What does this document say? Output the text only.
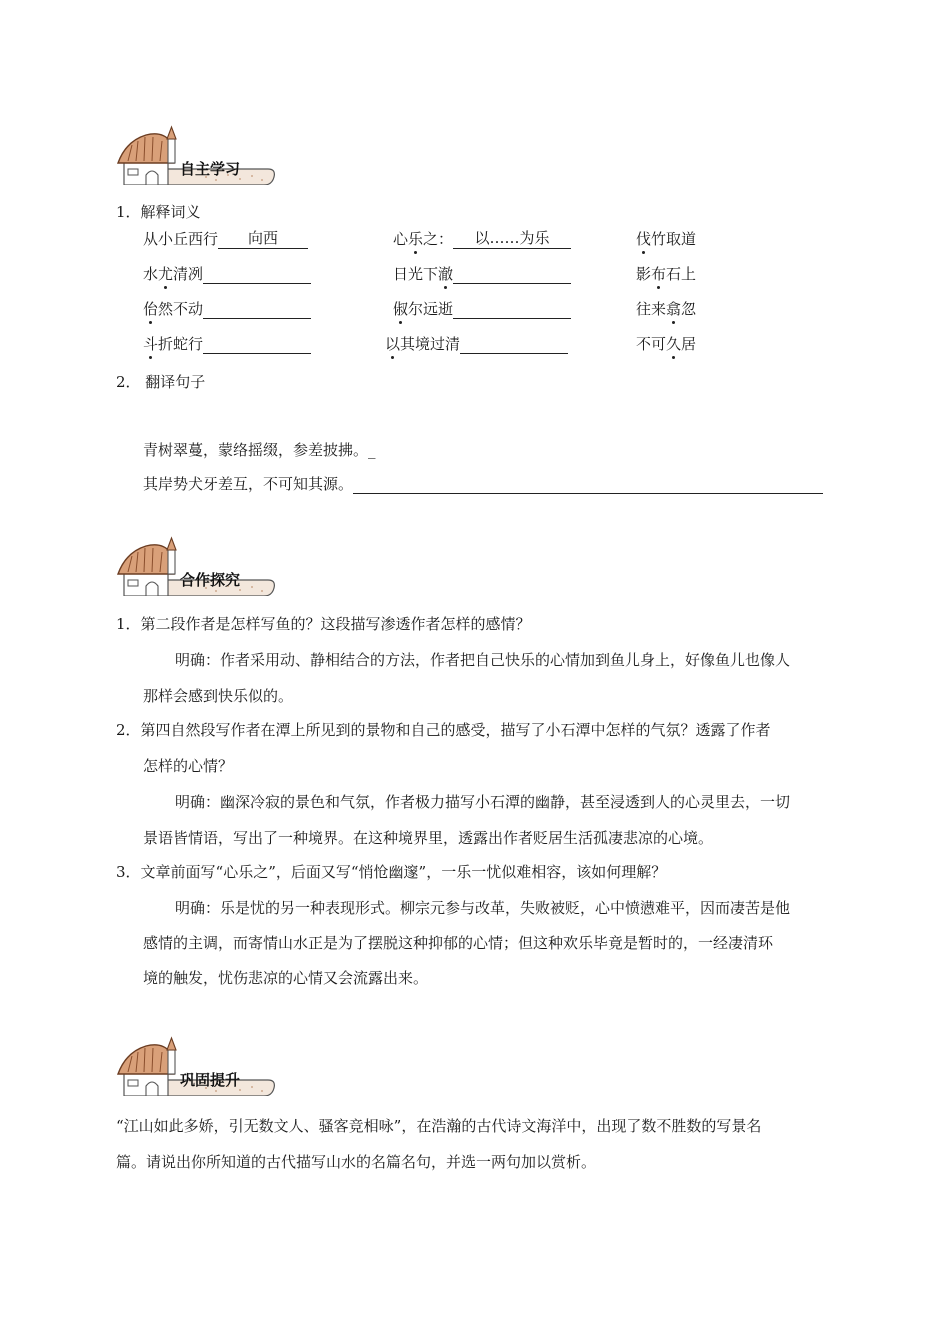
自主学习
1．解释词义
从小丘西行 向西	心乐之： 以……为乐	伐竹取道
水尤清冽	日光下澈	影布石上
佁然不动	俶尔远逝	往来翕忽
斗折蛇行	以其境过清	不可久居
2． 翻译句子
青树翠蔓，蒙络摇缀，参差披拂。_
其岸势犬牙差互，不可知其源。
合作探究
1．第二段作者是怎样写鱼的？这段描写渗透作者怎样的感情？
明确：作者采用动、静相结合的方法，作者把自己快乐的心情加到鱼儿身上，好像鱼儿也像人
那样会感到快乐似的。
2．第四自然段写作者在潭上所见到的景物和自己的感受，描写了小石潭中怎样的气氛？透露了作者
怎样的心情？
明确：幽深冷寂的景色和气氛，作者极力描写小石潭的幽静，甚至浸透到人的心灵里去，一切
景语皆情语，写出了一种境界。在这种境界里，透露出作者贬居生活孤凄悲凉的心境。
3．文章前面写“心乐之”，后面又写“悄怆幽邃”，一乐一忧似难相容，该如何理解？
明确：乐是忧的另一种表现形式。柳宗元参与改革，失败被贬，心中愤懑难平，因而凄苦是他
感情的主调，而寄情山水正是为了摆脱这种抑郁的心情；但这种欢乐毕竟是暂时的，一经凄清环
境的触发，忧伤悲凉的心情又会流露出来。
巩固提升
“江山如此多娇，引无数文人、骚客竞相咏”，在浩瀚的古代诗文海洋中，出现了数不胜数的写景名
篇。请说出你所知道的古代描写山水的名篇名句，并选一两句加以赏析。
